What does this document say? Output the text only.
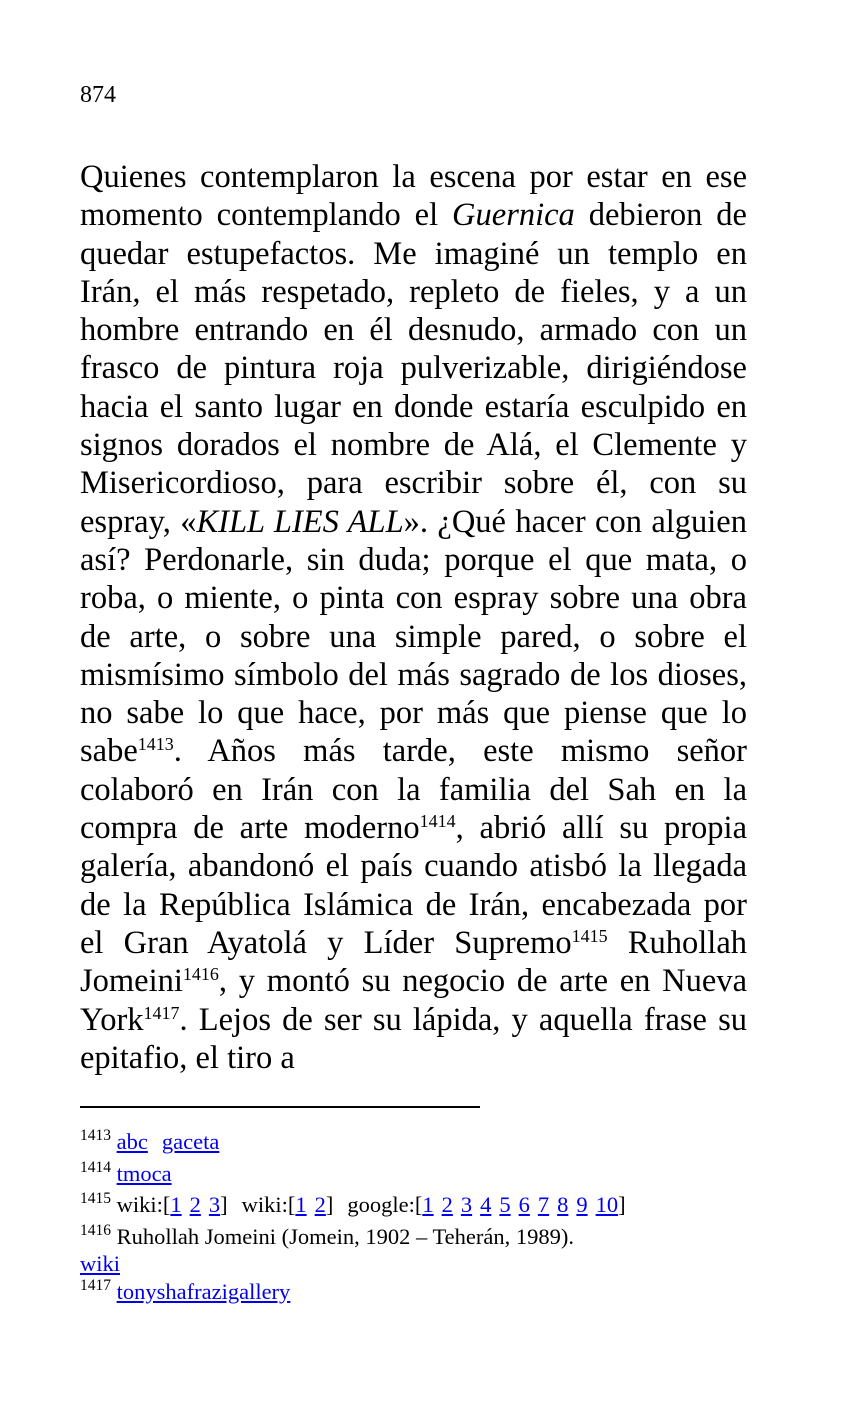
874

Quienes contemplaron la escena por estar en ese momento contemplando el Guernica debieron de quedar estupefactos. Me imaginé un templo en Irán, el más respetado, repleto de fieles, y a un hombre entrando en él desnudo, armado con un frasco de pintura roja pulverizable, dirigiéndose hacia el santo lugar en donde estaría esculpido en signos dorados el nombre de Alá, el Clemente y Misericordioso, para escribir sobre él, con su espray, «KILL LIES ALL». ¿Qué hacer con alguien así? Perdonarle, sin duda; porque el que mata, o roba, o miente, o pinta con espray sobre una obra de arte, o sobre una simple pared, o sobre el mismísimo símbolo del más sagrado de los dioses, no sabe lo que hace, por más que piense que lo sabe$^{1413}$. Años más tarde, este mismo señor colaboró en Irán con la familia del Sah en la compra de arte moderno$^{1414}$, abrió allí su propia galería, abandonó el país cuando atisbó la llegada de la República Islámica de Irán, encabezada por el Gran Ayatolá y Líder Supremo$^{1415}$ Ruhollah Jomeini$^{1416}$, y montó su negocio de arte en Nueva York$^{1417}$. Lejos de ser su lápida, y aquella frase su epitafio, el tiro a

$^{1413}$ abc gaceta
$^{1414}$ tmoca
$^{1415}$ wiki:[1 2 3] wiki:[1 2] google:[1 2 3 4 5 6 7 8 9 10]
$^{1416}$ Ruhollah Jomeini (Jomein, 1902 – Teherán, 1989).
wiki
$^{1417}$ tonyshafrazigallery
